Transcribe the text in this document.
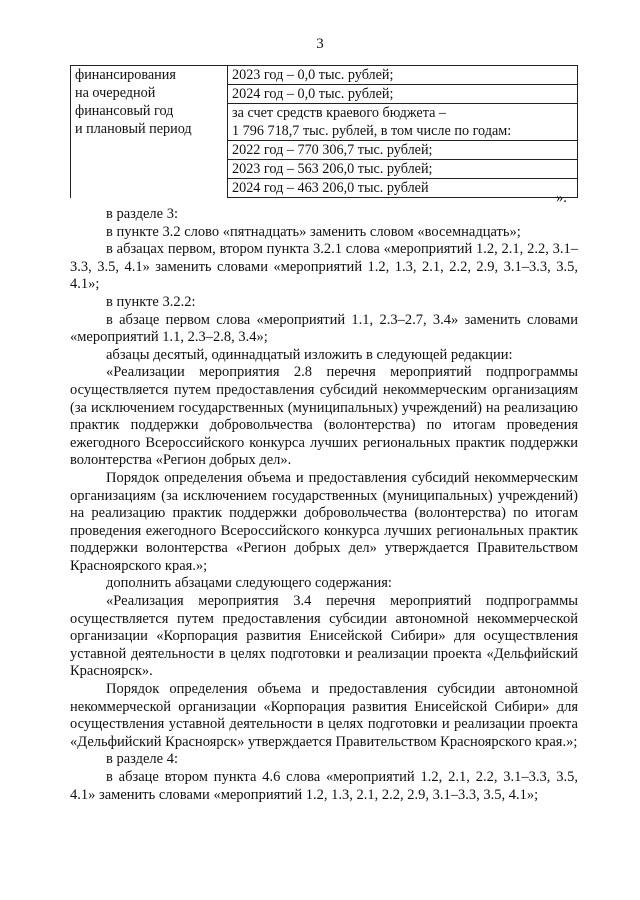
3
финансирования
на очередной
финансовый год
и плановый период

2023 год – 0,0 тыс. рублей;
2024 год – 0,0 тыс. рублей;
за счет средств краевого бюджета –
1 796 718,7 тыс. рублей, в том числе по годам:
2022 год – 770 306,7 тыс. рублей;
2023 год – 563 206,0 тыс. рублей;
2024 год – 463 206,0 тыс. рублей
».

в разделе 3:

в пункте 3.2 слово «пятнадцать» заменить словом «восемнадцать»;

в абзацах первом, втором пункта 3.2.1 слова «мероприятий 1.2, 2.1, 2.2, 3.1–3.3, 3.5, 4.1» заменить словами «мероприятий 1.2, 1.3, 2.1, 2.2, 2.9, 3.1–3.3, 3.5, 4.1»;

в пункте 3.2.2:

в абзаце первом слова «мероприятий 1.1, 2.3–2.7, 3.4» заменить словами «мероприятий 1.1, 2.3–2.8, 3.4»;

абзацы десятый, одиннадцатый изложить в следующей редакции:

«Реализации мероприятия 2.8 перечня мероприятий подпрограммы осуществляется путем предоставления субсидий некоммерческим организациям (за исключением государственных (муниципальных) учреждений) на реализацию практик поддержки добровольчества (волонтерства) по итогам проведения ежегодного Всероссийского конкурса лучших региональных практик поддержки волонтерства «Регион добрых дел».

Порядок определения объема и предоставления субсидий некоммерческим организациям (за исключением государственных (муниципальных) учреждений) на реализацию практик поддержки добровольчества (волонтерства) по итогам проведения ежегодного Всероссийского конкурса лучших региональных практик поддержки волонтерства «Регион добрых дел» утверждается Правительством Красноярского края.»;

дополнить абзацами следующего содержания:

«Реализация мероприятия 3.4 перечня мероприятий подпрограммы осуществляется путем предоставления субсидии автономной некоммерческой организации «Корпорация развития Енисейской Сибири» для осуществления уставной деятельности в целях подготовки и реализации проекта «Дельфийский Красноярск».

Порядок определения объема и предоставления субсидии автономной некоммерческой организации «Корпорация развития Енисейской Сибири» для осуществления уставной деятельности в целях подготовки и реализации проекта «Дельфийский Красноярск» утверждается Правительством Красноярского края.»;

в разделе 4:

в абзаце втором пункта 4.6 слова «мероприятий 1.2, 2.1, 2.2, 3.1–3.3, 3.5, 4.1» заменить словами «мероприятий 1.2, 1.3, 2.1, 2.2, 2.9, 3.1–3.3, 3.5, 4.1»;
